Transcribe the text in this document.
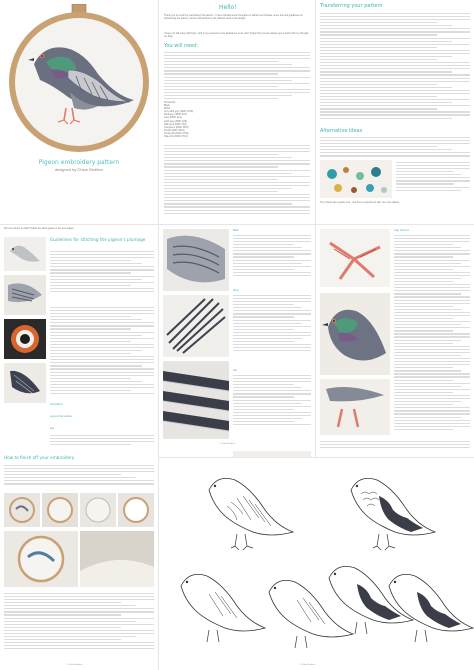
Pigeon embroidery pattern
designed by Chloe Redfern
Hello!
Thank you so much for purchasing this pattern - I have included some thoughts on fabrics and threads, some tips and guidelines on transferring the pattern, and an introduction to the stitches used in the design.
I hope you will enjoy stitching it, and if you need any more assistance at all, don't forget that you can always get in touch with me through my blog.
You will need:
Thread list:
Black
White
Very dark grey (DMC 3799)
Dark grey (DMC 413)
Grey (DMC 414)
Light grey (DMC 318)
Pale grey (DMC 762)
Teal green (DMC 3847)
Purple (DMC 3041)
Coral pink (DMC 3705)
Pale pink (DMC 3713)
Transferring your pattern
Alternative ideas
The colours are a guide only - feel free to experiment with your own palette.
Not sure where to start? Follow the stitch guide on the next pages.
Guidelines for stitching the pigeon's plumage
Tail outlines:
Leg and foot outlines:
Eye:
How to finish off your embroidery
© Chloe Redfern
Back:
Wing:
Tail:
© Chloe Redfern
Legs and feet:
© Chloe Redfern
